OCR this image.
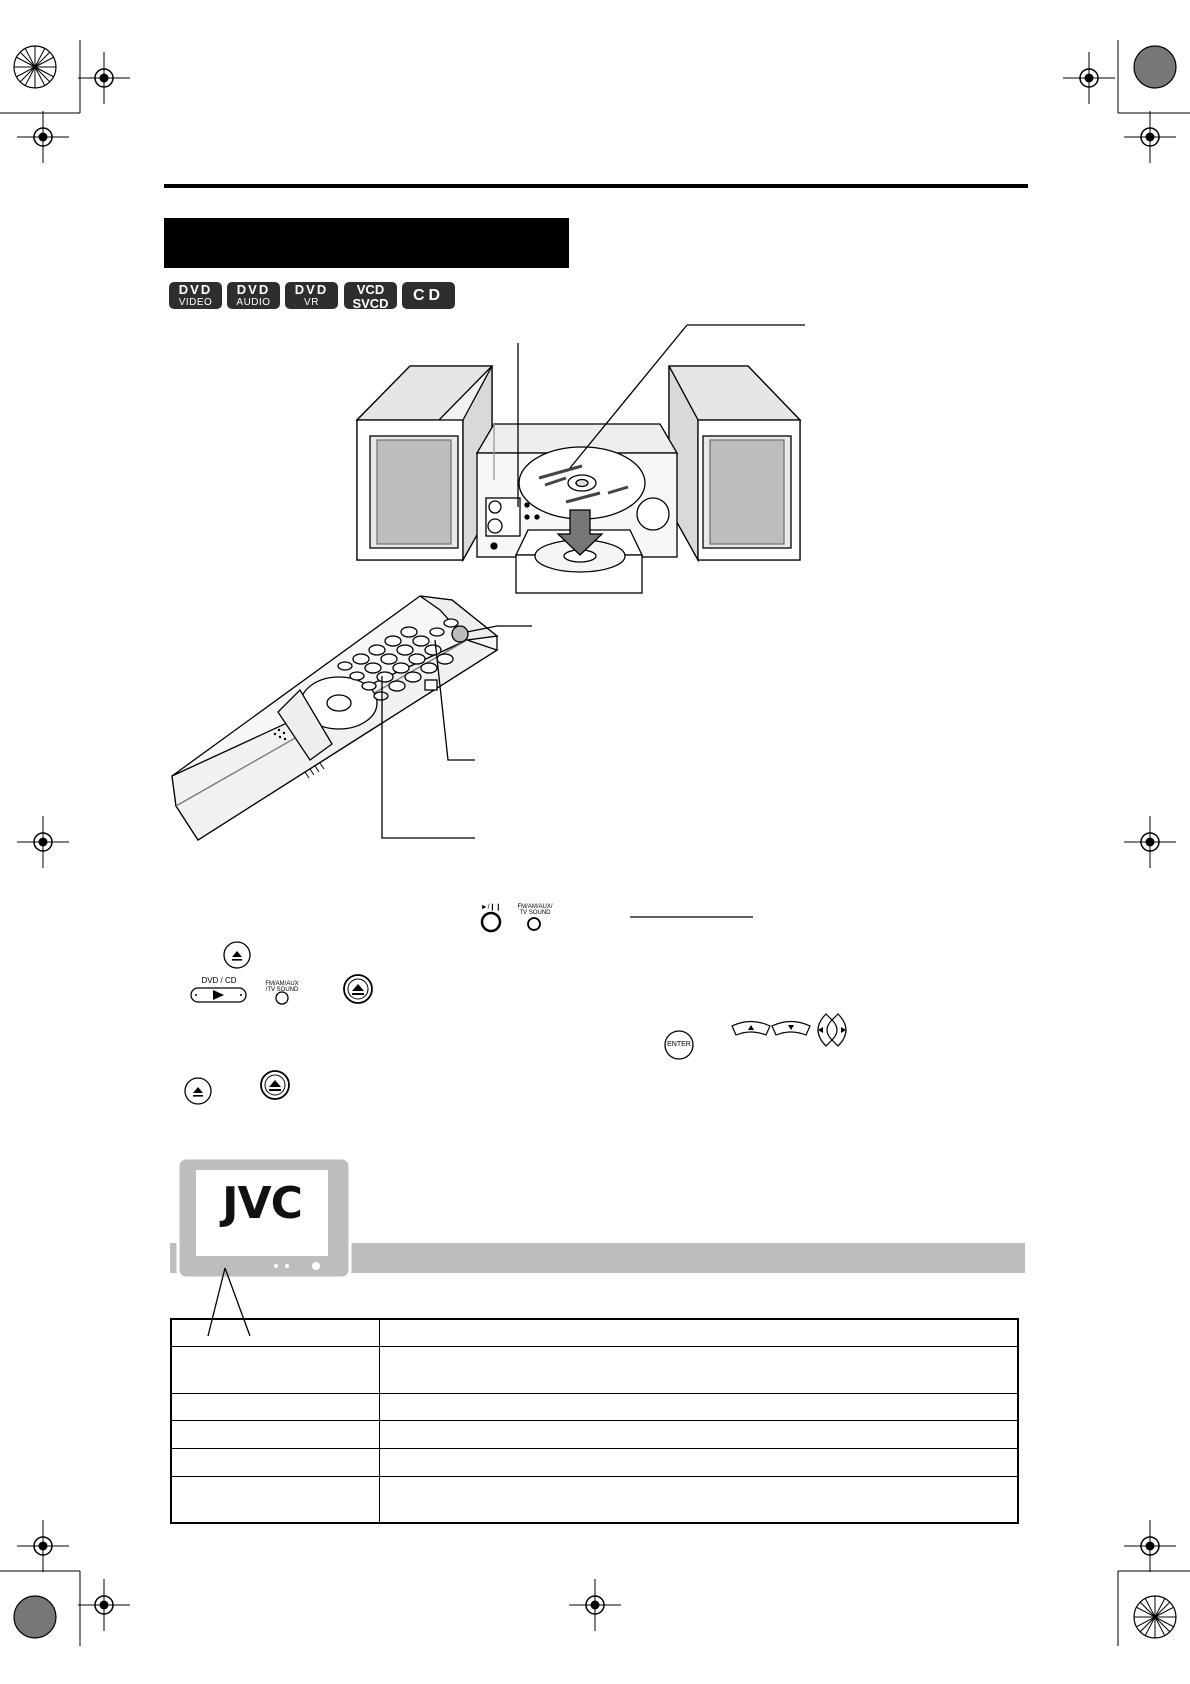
DVD
VIDEO
DVD
AUDIO
DVD
VR
VCD
SVCD	CD
►/❙❙	FM/AM/AUX/
TV SOUND
DVD / CD	FM/AM/AUX
/TV SOUND
ENTER
JVC
